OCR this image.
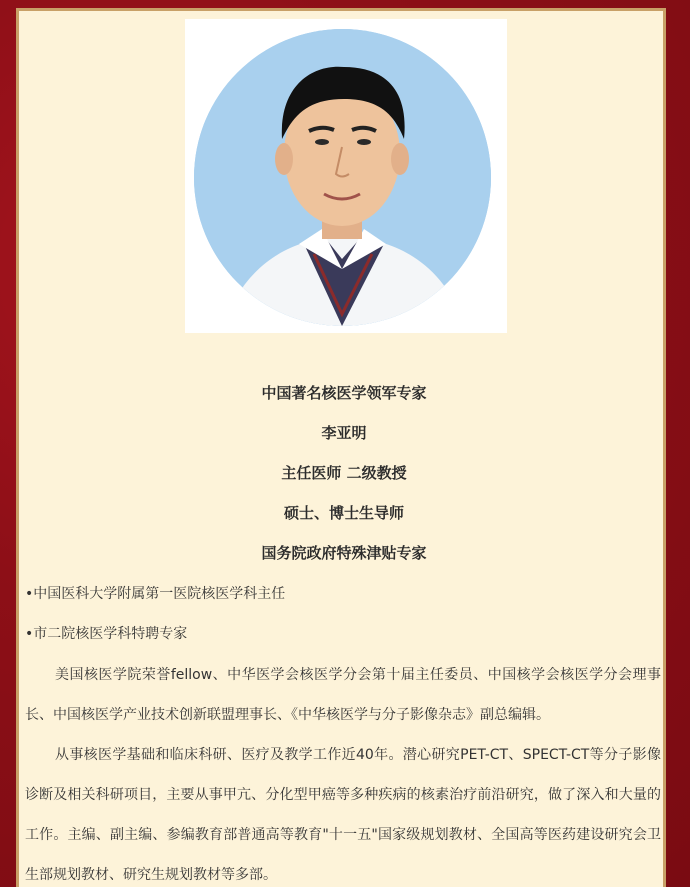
中国著名核医学领军专家
李亚明
主任医师 二级教授
硕士、博士生导师
国务院政府特殊津贴专家
•中国医科大学附属第一医院核医学科主任
•市二院核医学科特聘专家
美国核医学院荣誉fellow、中华医学会核医学分会第十届主任委员、中国核学会核医学分会理事长、中国核医学产业技术创新联盟理事长、《中华核医学与分子影像杂志》副总编辑。
从事核医学基础和临床科研、医疗及教学工作近40年。潜心研究PET-CT、SPECT-CT等分子影像诊断及相关科研项目，主要从事甲亢、分化型甲癌等多种疾病的核素治疗前沿研究，做了深入和大量的工作。主编、副主编、参编教育部普通高等教育"十一五"国家级规划教材、全国高等医药建设研究会卫生部规划教材、研究生规划教材等多部。
